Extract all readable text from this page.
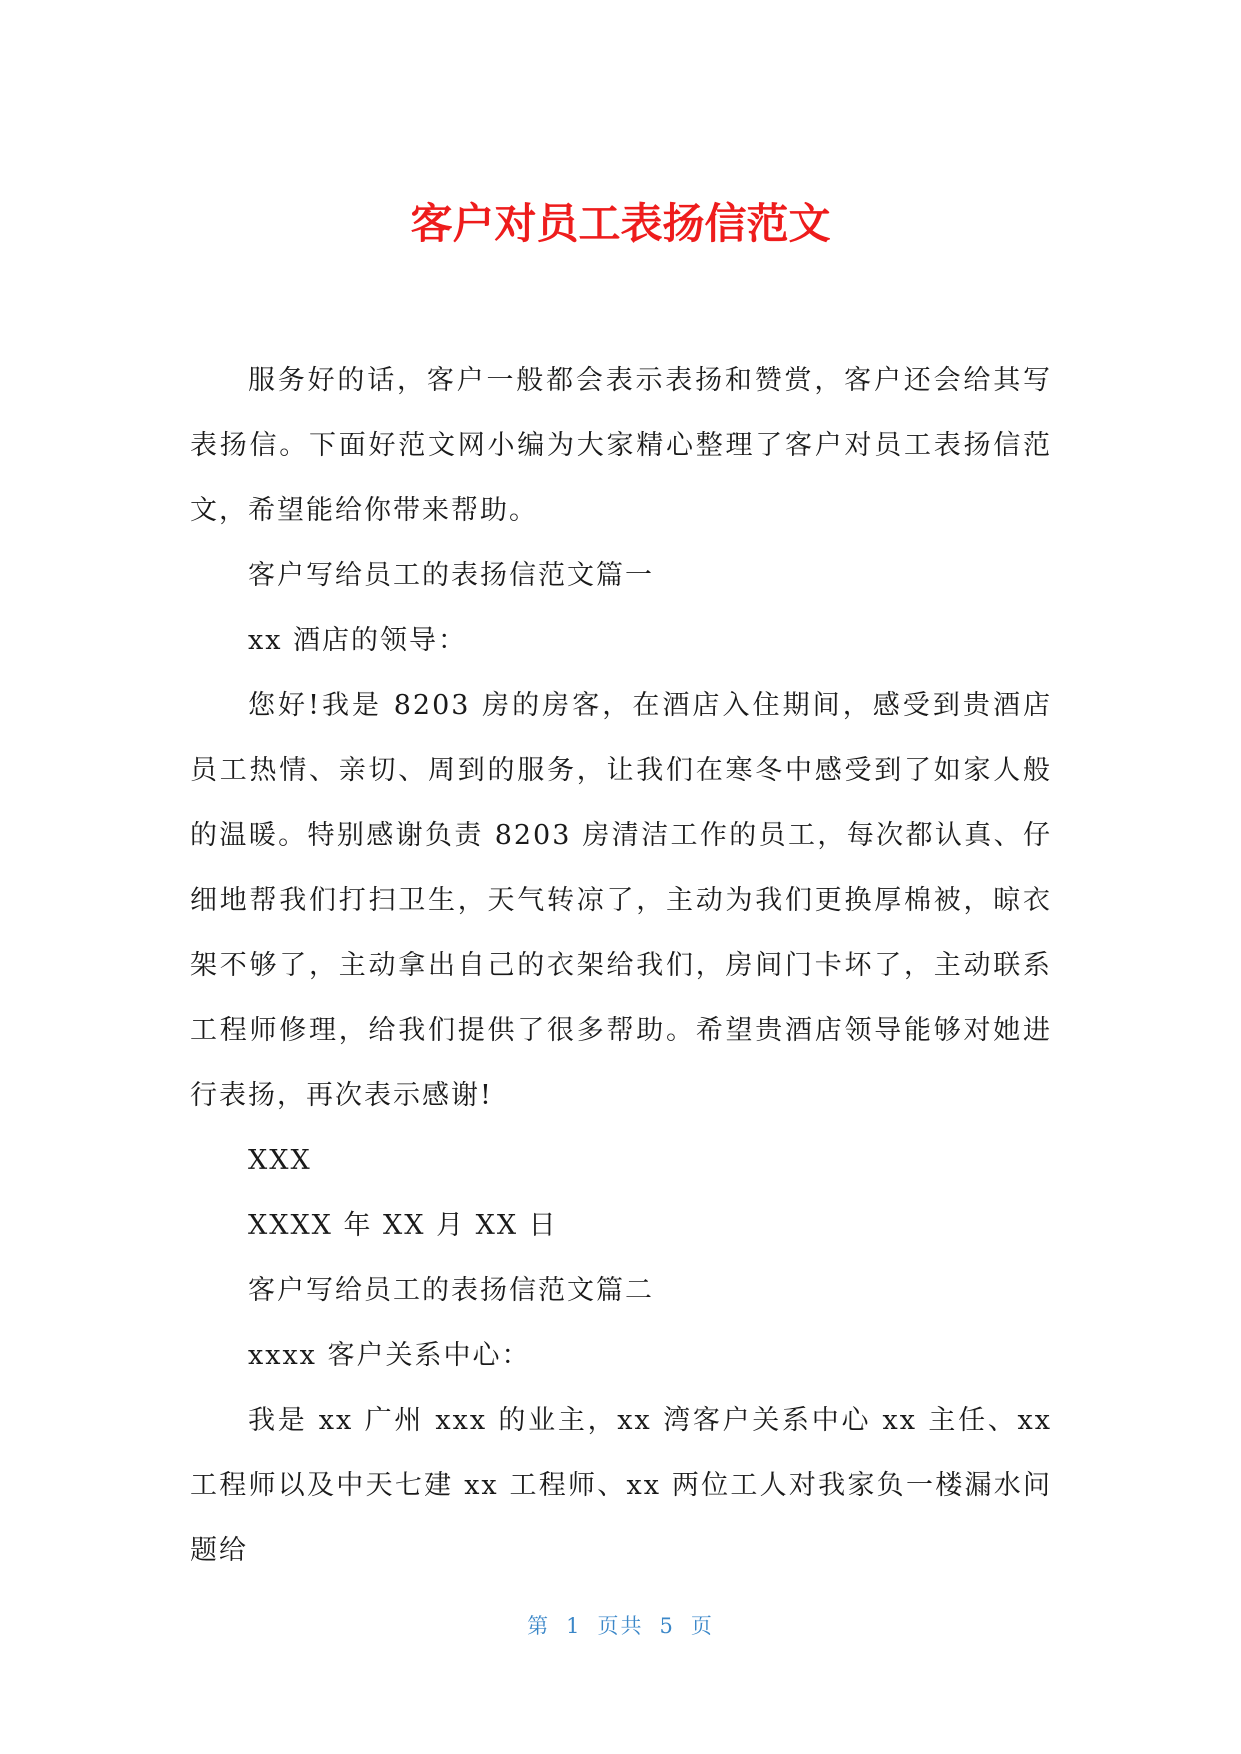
客户对员工表扬信范文

服务好的话，客户一般都会表示表扬和赞赏，客户还会给其写表扬信。下面好范文网小编为大家精心整理了客户对员工表扬信范文，希望能给你带来帮助。

客户写给员工的表扬信范文篇一

xx 酒店的领导：

您好!我是 8203 房的房客，在酒店入住期间，感受到贵酒店员工热情、亲切、周到的服务，让我们在寒冬中感受到了如家人般的温暖。特别感谢负责 8203 房清洁工作的员工，每次都认真、仔细地帮我们打扫卫生，天气转凉了，主动为我们更换厚棉被，晾衣架不够了，主动拿出自己的衣架给我们，房间门卡坏了，主动联系工程师修理，给我们提供了很多帮助。希望贵酒店领导能够对她进行表扬，再次表示感谢!

XXX

XXXX 年 XX 月 XX 日

客户写给员工的表扬信范文篇二

xxxx 客户关系中心：

我是 xx 广州 xxx 的业主，xx 湾客户关系中心 xx 主任、xx 工程师以及中天七建 xx 工程师、xx 两位工人对我家负一楼漏水问题给

第 1 页共 5 页
